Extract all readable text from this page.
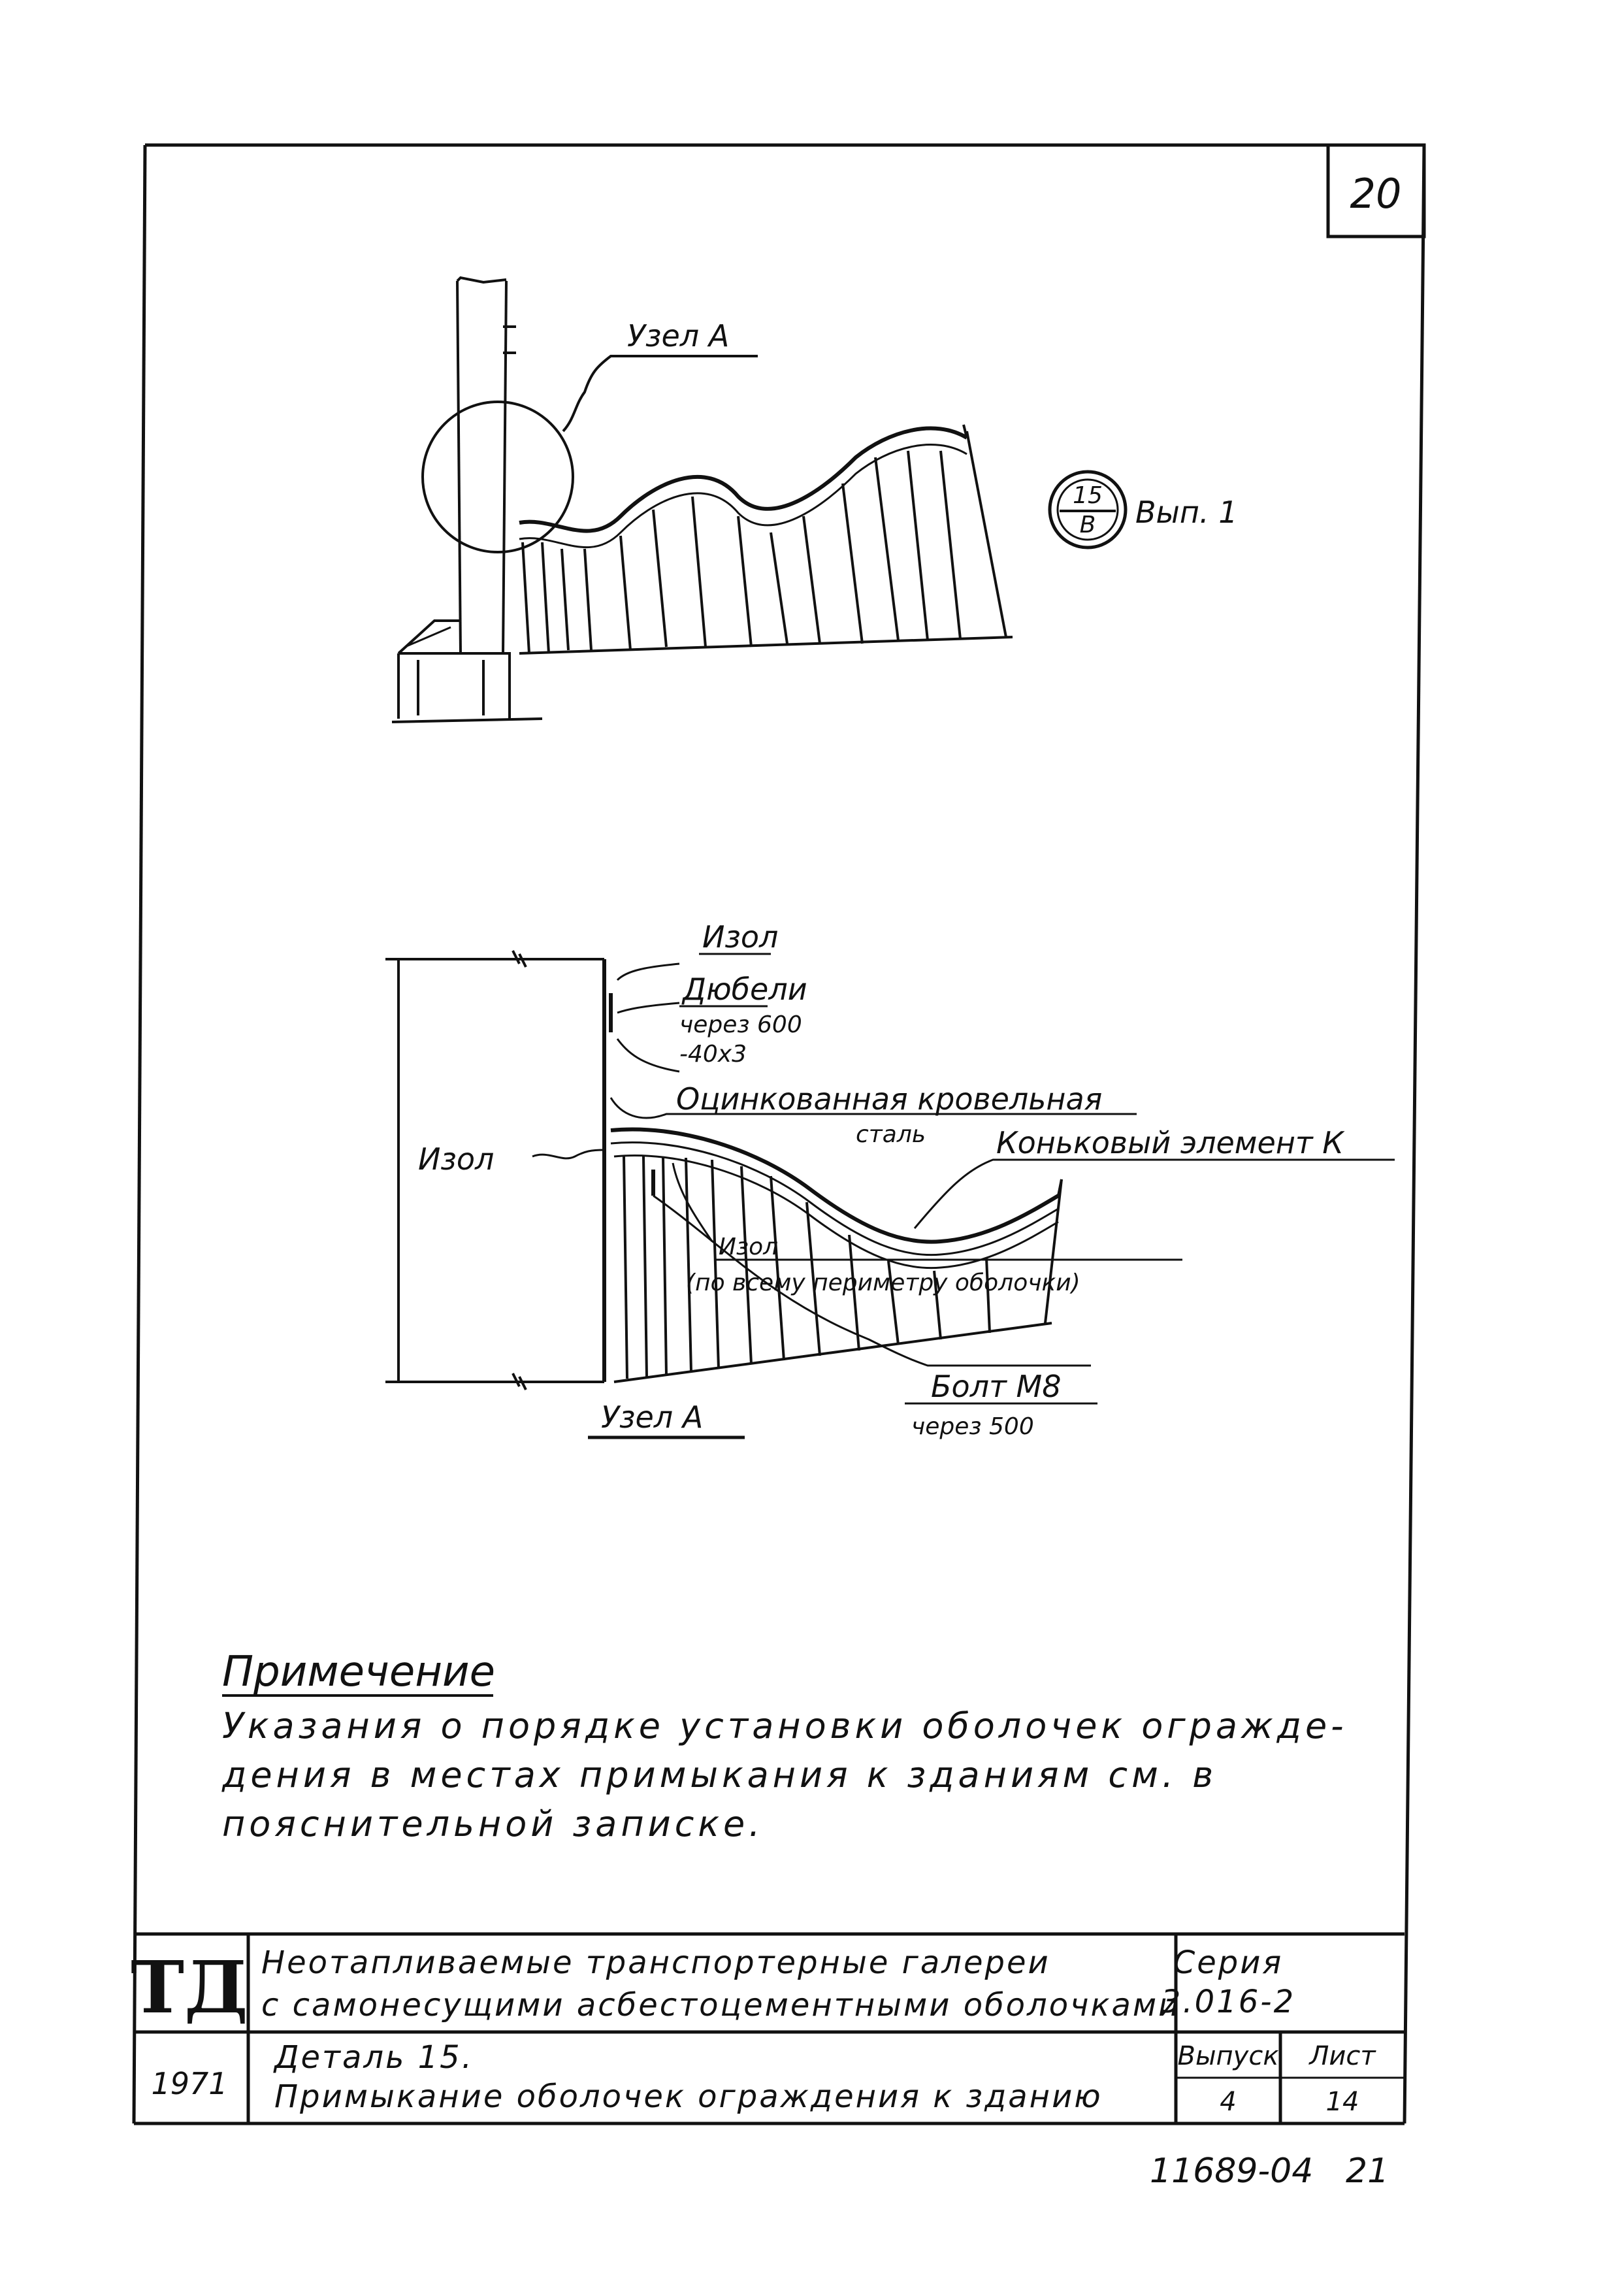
20
Узел А
15
В Вып. 1
Изол
Дюбели
через 600
-40х3
Оцинкованная кровельная
сталь
Изол	Коньковый элемент К
Изол
(по всему периметру оболочки)
Болт М8
через 500
Узел А
Примечение
Указания о порядке установки оболочек огражде-
дения в местах примыкания к зданиям см. в
пояснительной записке.
ТД
1971
Неотапливаемые транспортерные галереи
с самонесущими асбестоцементными оболочками
Серия
3.016-2
Деталь 15.
Примыкание оболочек ограждения к зданию
Выпуск
4
Лист
14
11689-04 21
